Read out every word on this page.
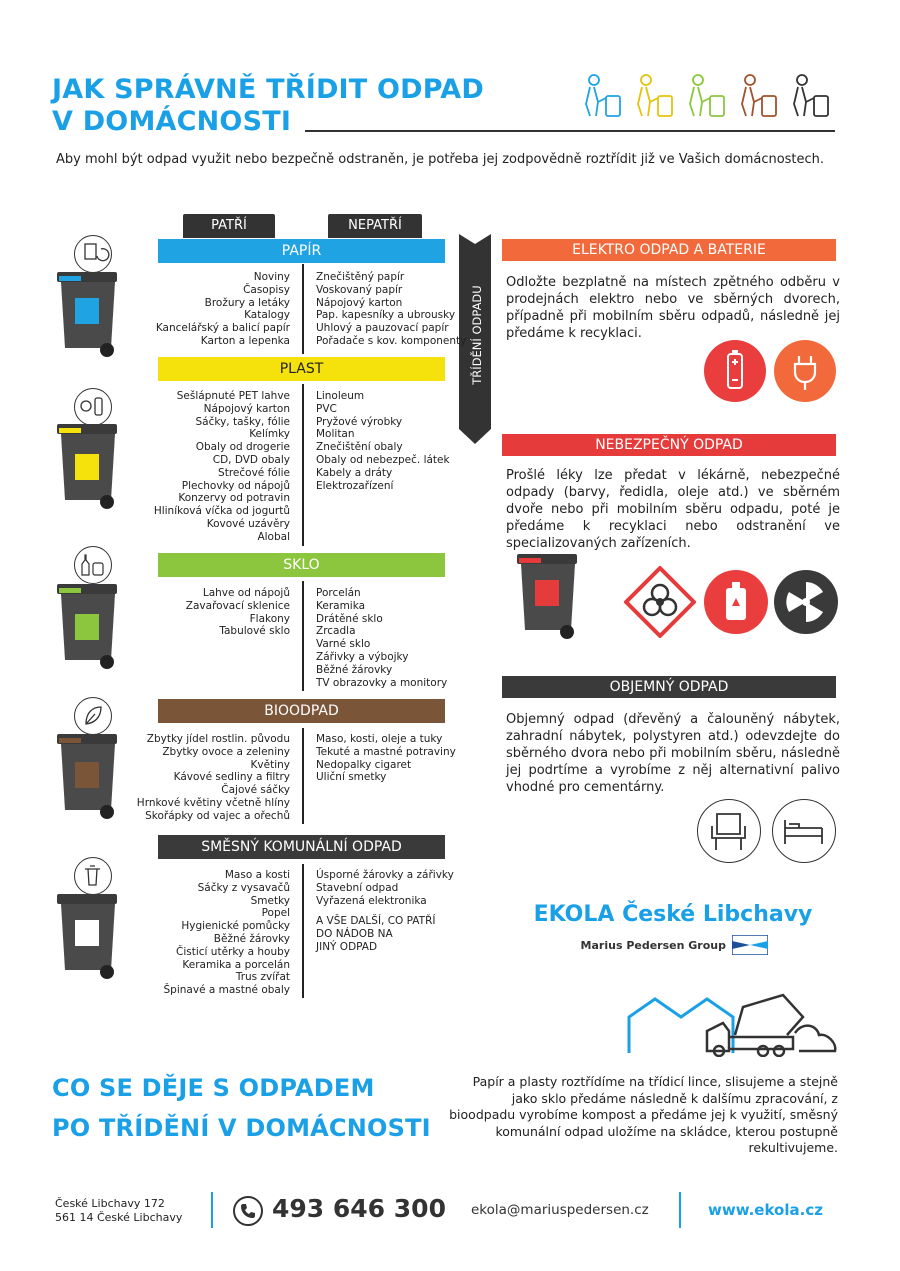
JAK SPRÁVNĚ TŘÍDIT ODPAD
V DOMÁCNOSTI
Aby mohl být odpad využit nebo bezpečně odstraněn, je potřeba jej zodpovědně roztřídit již ve Vašich domácnostech.
PATŘÍ	NEPATŘÍ
TŘÍDĚNÍ ODPADU
PAPÍR
Noviny
Časopisy
Brožury a letáky
Katalogy
Kancelářský a balicí papír
Karton a lepenka
Znečištěný papír
Voskovaný papír
Nápojový karton
Pap. kapesníky a ubrousky
Uhlový a pauzovací papír
Pořadače s kov. komponenty
PLAST
Sešlápnuté PET lahve
Nápojový karton
Sáčky, tašky, fólie
Kelímky
Obaly od drogerie
CD, DVD obaly
Strečové fólie
Plechovky od nápojů
Konzervy od potravin
Hliníková víčka od jogurtů
Kovové uzávěry
Alobal
Linoleum
PVC
Pryžové výrobky
Molitan
Znečištění obaly
Obaly od nebezpeč. látek
Kabely a dráty
Elektrozařízení
SKLO
Lahve od nápojů
Zavařovací sklenice
Flakony
Tabulové sklo
Porcelán
Keramika
Drátěné sklo
Zrcadla
Varné sklo
Zářivky a výbojky
Běžné žárovky
TV obrazovky a monitory
BIOODPAD
Zbytky jídel rostlin. původu
Zbytky ovoce a zeleniny
Květiny
Kávové sedliny a filtry
Čajové sáčky
Hrnkové květiny včetně hlíny
Skořápky od vajec a ořechů
Maso, kosti, oleje a tuky
Tekuté a mastné potraviny
Nedopalky cigaret
Uliční smetky
SMĚSNÝ KOMUNÁLNÍ ODPAD
Maso a kosti
Sáčky z vysavačů
Smetky
Popel
Hygienické pomůcky
Běžné žárovky
Čisticí utěrky a houby
Keramika a porcelán
Trus zvířat
Špinavé a mastné obaly
Úsporné žárovky a zářivky
Stavební odpad
Vyřazená elektronika
A VŠE DALŠÍ, CO PATŘÍ
DO NÁDOB NA
JINÝ ODPAD
ELEKTRO ODPAD A BATERIE
Odložte bezplatně na místech zpětného odběru v prodejnách elektro nebo ve sběrných dvorech, případně při mobilním sběru odpadů, následně jej předáme k recyklaci.
NEBEZPEČNÝ ODPAD
Prošlé léky lze předat v lékárně, nebezpečné odpady (barvy, ředidla, oleje atd.) ve sběrném dvoře nebo při mobilním sběru odpadu, poté je předáme k recyklaci nebo odstranění ve specializovaných zařízeních.
OBJEMNÝ ODPAD
Objemný odpad (dřevěný a čalouněný nábytek, zahradní nábytek, polystyren atd.) odevzdejte do sběrného dvora nebo při mobilním sběru, následně jej podrtíme a vyrobíme z něj alternativní palivo vhodné pro cementárny.
EKOLA České Libchavy
Marius Pedersen Group
CO SE DĚJE S ODPADEM
PO TŘÍDĚNÍ V DOMÁCNOSTI
Papír a plasty roztřídíme na třídicí lince, slisujeme a stejně jako sklo předáme následně k dalšímu zpracování, z bioodpadu vyrobíme kompost a předáme jej k využití, směsný komunální odpad uložíme na skládce, kterou postupně rekultivujeme.
České Libchavy 172
561 14 České Libchavy	493 646 300 ekola@mariuspedersen.cz	www.ekola.cz
